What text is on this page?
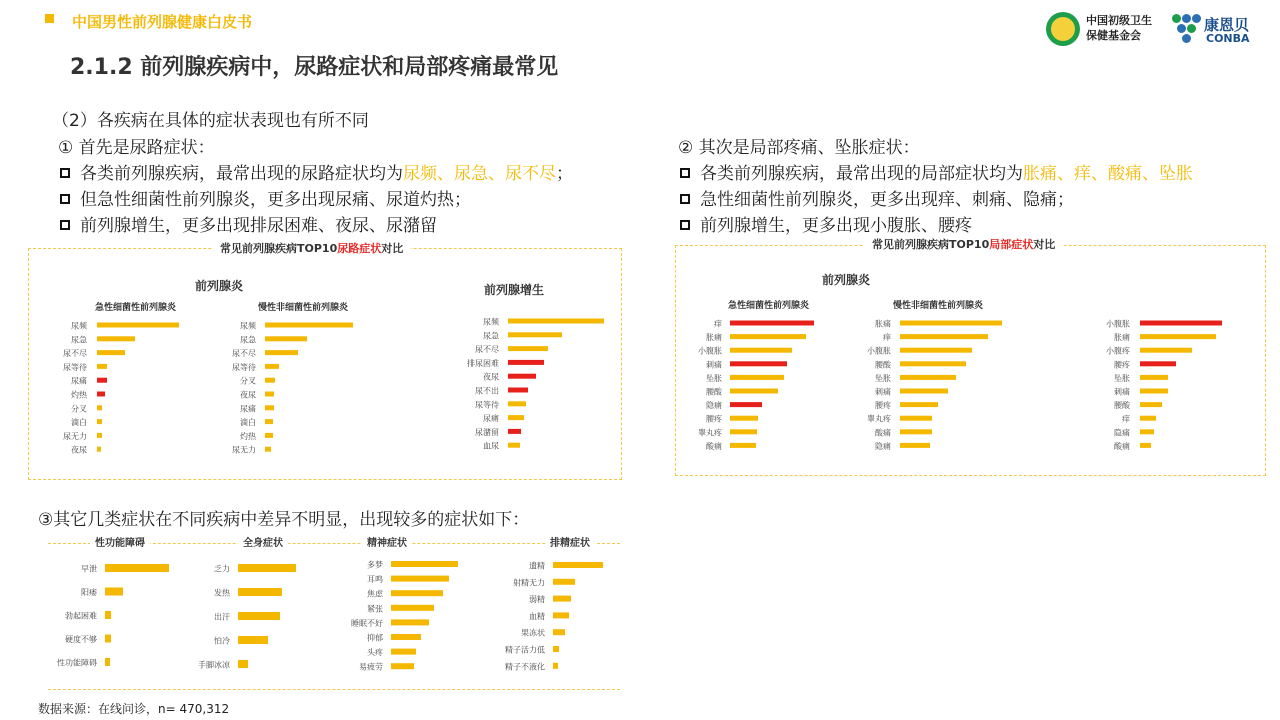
中国男性前列腺健康白皮书
2.1.2 前列腺疾病中，尿路症状和局部疼痛最常见
中国初级卫生
保健基金会
康恩贝
CONBA
（2）各疾病在具体的症状表现也有所不同
① 首先是尿路症状：
各类前列腺疾病，最常出现的尿路症状均为尿频、尿急、尿不尽；
但急性细菌性前列腺炎，更多出现尿痛、尿道灼热；
前列腺增生，更多出现排尿困难、夜尿、尿潴留
② 其次是局部疼痛、坠胀症状：
各类前列腺疾病，最常出现的局部症状均为胀痛、痒、酸痛、坠胀
急性细菌性前列腺炎，更多出现痒、刺痛、隐痛；
前列腺增生，更多出现小腹胀、腰疼
常见前列腺疾病TOP10尿路症状对比
前列腺炎
急性细菌性前列腺炎	慢性非细菌性前列腺炎
前列腺增生
尿频
尿急
尿不尽
尿等待
尿痛
灼热
分叉
滴白
尿无力
夜尿
尿频
尿急
尿不尽
尿等待
分叉
夜尿
尿痛
滴白
灼热
尿无力
尿频
尿急
尿不尽
排尿困难
夜尿
尿不出
尿等待
尿痛
尿潴留
血尿
痒
胀痛
小腹胀
刺痛
坠胀
腰酸
隐痛
腰疼
睾丸疼
酸痛
胀痛
痒
小腹胀
腰酸
坠胀
刺痛
腰疼
睾丸疼
酸痛
隐痛
小腹胀
胀痛
小腹疼
腰疼
坠胀
刺痛
腰酸
痒
隐痛
酸痛
早泄
阳痿
勃起困难
硬度不够
性功能障碍
乏力
发热
出汗
怕冷
手脚冰凉
多梦
耳鸣
焦虑
紧张
睡眠不好
抑郁
头疼
易疲劳
遗精
射精无力
弱精
血精
果冻状
精子活力低
精子不液化
常见前列腺疾病TOP10局部症状对比
前列腺炎
急性细菌性前列腺炎	慢性非细菌性前列腺炎
③其它几类症状在不同疾病中差异不明显，出现较多的症状如下：
性功能障碍	全身症状	精神症状	排精症状
数据来源：在线问诊，n= 470,312
